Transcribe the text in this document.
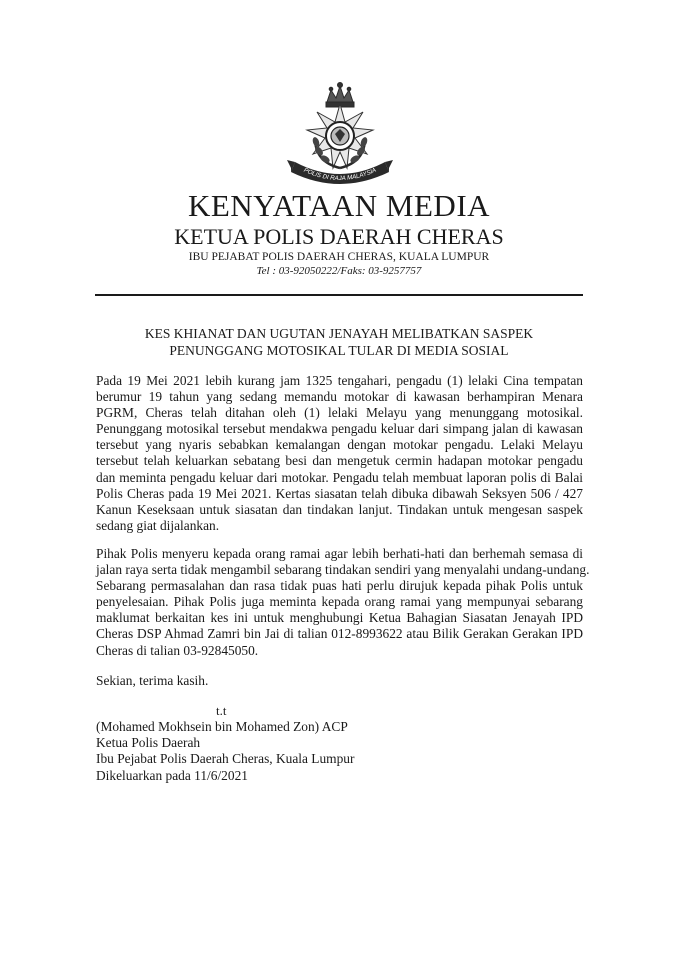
POLIS DI RAJA MALAYSIA
KENYATAAN MEDIA
KETUA POLIS DAERAH CHERAS
IBU PEJABAT POLIS DAERAH CHERAS, KUALA LUMPUR
Tel : 03-92050222/Faks: 03-9257757
KES KHIANAT DAN UGUTAN JENAYAH MELIBATKAN SASPEK
PENUNGGANG MOTOSIKAL TULAR DI MEDIA SOSIAL
Pada 19 Mei 2021 lebih kurang jam 1325 tengahari, pengadu (1) lelaki Cina tempatan
berumur 19 tahun yang sedang memandu motokar di kawasan berhampiran Menara
PGRM, Cheras telah ditahan oleh (1) lelaki Melayu yang menunggang motosikal.
Penunggang motosikal tersebut mendakwa pengadu keluar dari simpang jalan di kawasan
tersebut yang nyaris sebabkan kemalangan dengan motokar pengadu. Lelaki Melayu
tersebut telah keluarkan sebatang besi dan mengetuk cermin hadapan motokar pengadu
dan meminta pengadu keluar dari motokar. Pengadu telah membuat laporan polis di Balai
Polis Cheras pada 19 Mei 2021. Kertas siasatan telah dibuka dibawah Seksyen 506 / 427
Kanun Keseksaan untuk siasatan dan tindakan lanjut. Tindakan untuk mengesan saspek
sedang giat dijalankan.
Pihak Polis menyeru kepada orang ramai agar lebih berhati-hati dan berhemah semasa di
jalan raya serta tidak mengambil sebarang tindakan sendiri yang menyalahi undang-undang.
Sebarang permasalahan dan rasa tidak puas hati perlu dirujuk kepada pihak Polis untuk
penyelesaian. Pihak Polis juga meminta kepada orang ramai yang mempunyai sebarang
maklumat berkaitan kes ini untuk menghubungi Ketua Bahagian Siasatan Jenayah IPD
Cheras DSP Ahmad Zamri bin Jai di talian 012-8993622 atau Bilik Gerakan Gerakan IPD
Cheras di talian 03-92845050.
Sekian, terima kasih.
t.t
(Mohamed Mokhsein bin Mohamed Zon) ACP
Ketua Polis Daerah
Ibu Pejabat Polis Daerah Cheras, Kuala Lumpur
Dikeluarkan pada 11/6/2021
